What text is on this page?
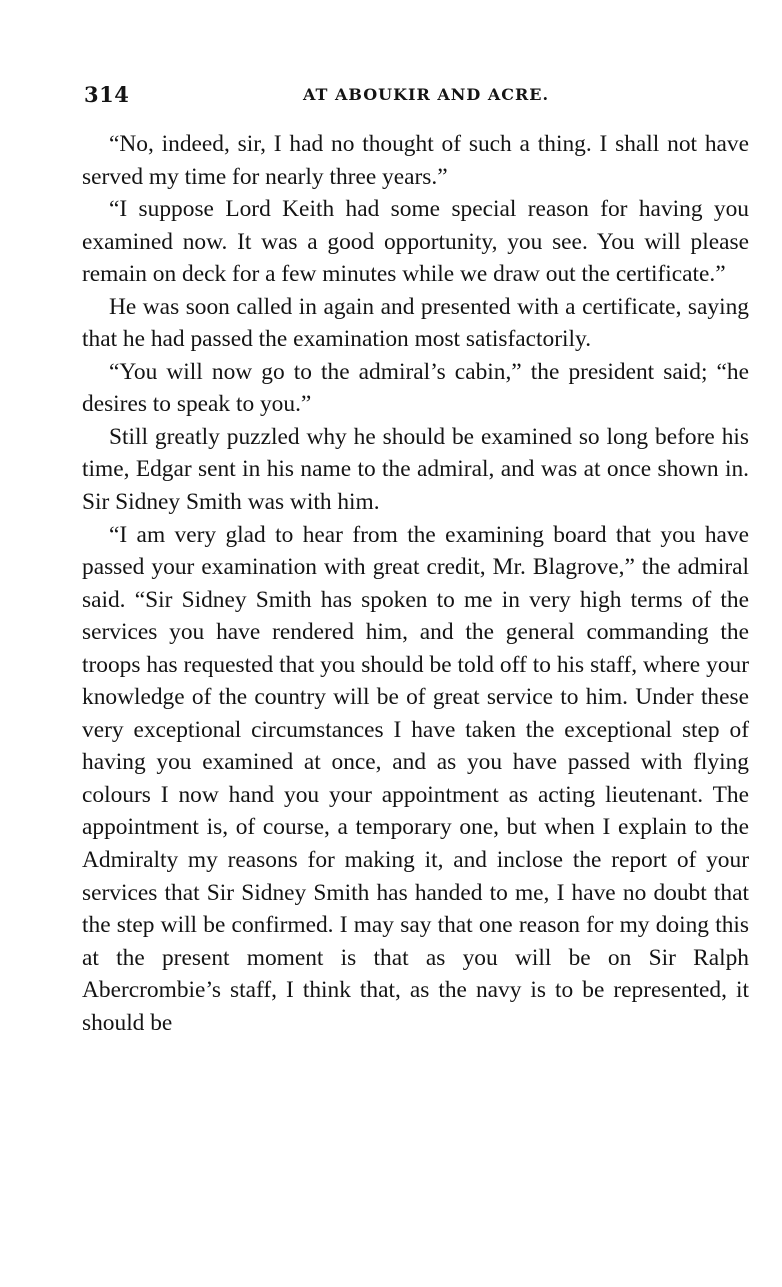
314	AT ABOUKIR AND ACRE.

“No, indeed, sir, I had no thought of such a thing. I shall not have served my time for nearly three years.”

“I suppose Lord Keith had some special reason for having you examined now. It was a good opportunity, you see. You will please remain on deck for a few minutes while we draw out the certificate.”

He was soon called in again and presented with a certificate, saying that he had passed the examination most satisfactorily.

“You will now go to the admiral’s cabin,” the president said; “he desires to speak to you.”

Still greatly puzzled why he should be examined so long before his time, Edgar sent in his name to the admiral, and was at once shown in. Sir Sidney Smith was with him.

“I am very glad to hear from the examining board that you have passed your examination with great credit, Mr. Blagrove,” the admiral said. “Sir Sidney Smith has spoken to me in very high terms of the services you have rendered him, and the general commanding the troops has requested that you should be told off to his staff, where your knowledge of the country will be of great service to him. Under these very exceptional circumstances I have taken the exceptional step of having you examined at once, and as you have passed with flying colours I now hand you your appointment as acting lieutenant. The appointment is, of course, a temporary one, but when I explain to the Admiralty my reasons for making it, and inclose the report of your services that Sir Sidney Smith has handed to me, I have no doubt that the step will be confirmed. I may say that one reason for my doing this at the present moment is that as you will be on Sir Ralph Abercrombie’s staff, I think that, as the navy is to be represented, it should be
